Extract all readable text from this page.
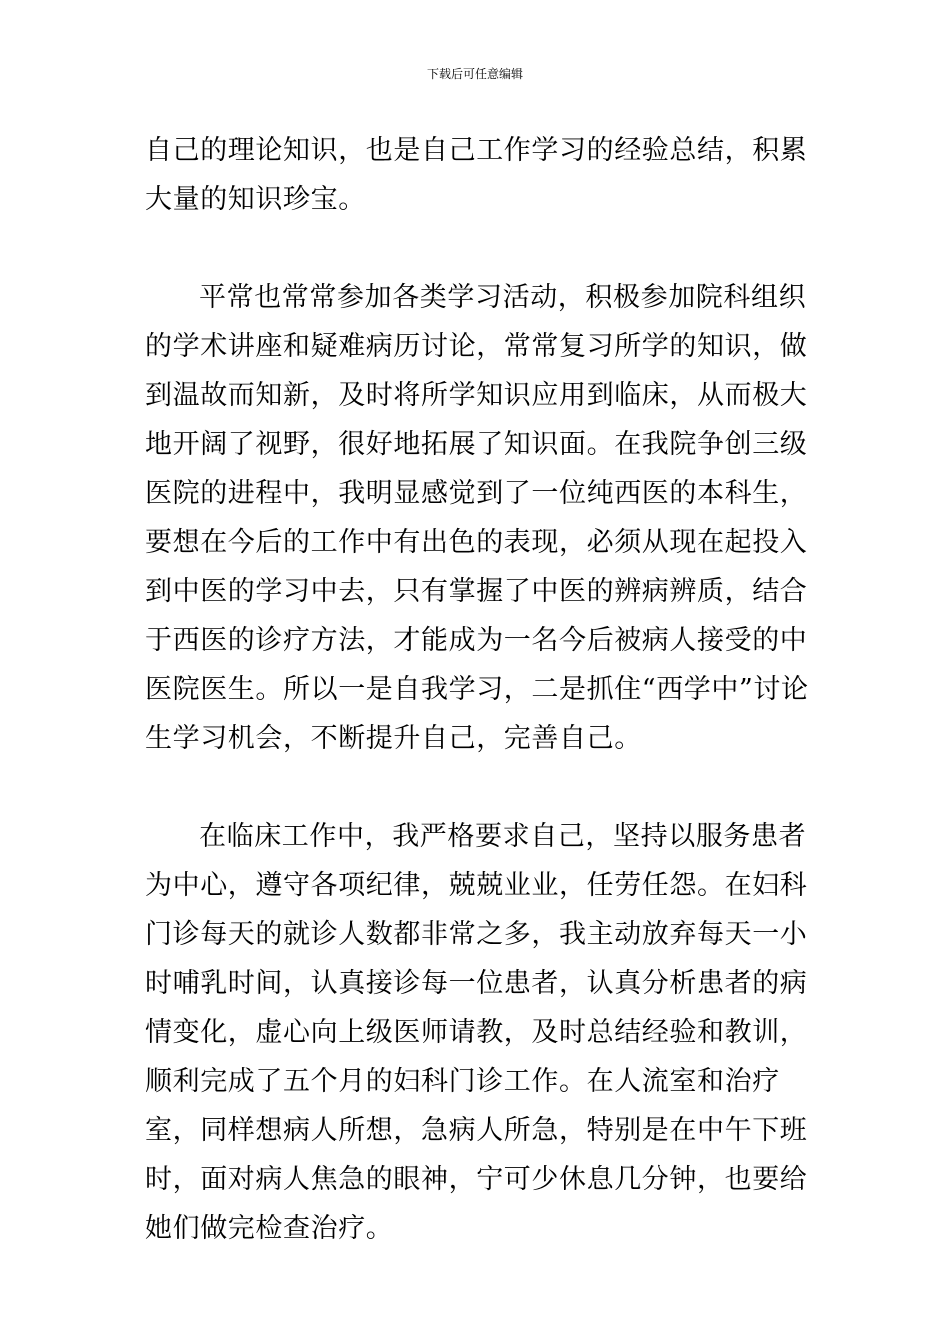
下载后可任意编辑

自己的理论知识，也是自己工作学习的经验总结，积累大量的知识珍宝。

平常也常常参加各类学习活动，积极参加院科组织的学术讲座和疑难病历讨论，常常复习所学的知识，做到温故而知新，及时将所学知识应用到临床，从而极大地开阔了视野，很好地拓展了知识面。在我院争创三级医院的进程中，我明显感觉到了一位纯西医的本科生，要想在今后的工作中有出色的表现，必须从现在起投入到中医的学习中去，只有掌握了中医的辨病辨质，结合于西医的诊疗方法，才能成为一名今后被病人接受的中医院医生。所以一是自我学习，二是抓住“西学中”讨论生学习机会，不断提升自己，完善自己。

在临床工作中，我严格要求自己，坚持以服务患者为中心，遵守各项纪律，兢兢业业，任劳任怨。在妇科门诊每天的就诊人数都非常之多，我主动放弃每天一小时哺乳时间，认真接诊每一位患者，认真分析患者的病情变化，虚心向上级医师请教，及时总结经验和教训，顺利完成了五个月的妇科门诊工作。在人流室和治疗室，同样想病人所想，急病人所急，特别是在中午下班时，面对病人焦急的眼神，宁可少休息几分钟，也要给她们做完检查治疗。
